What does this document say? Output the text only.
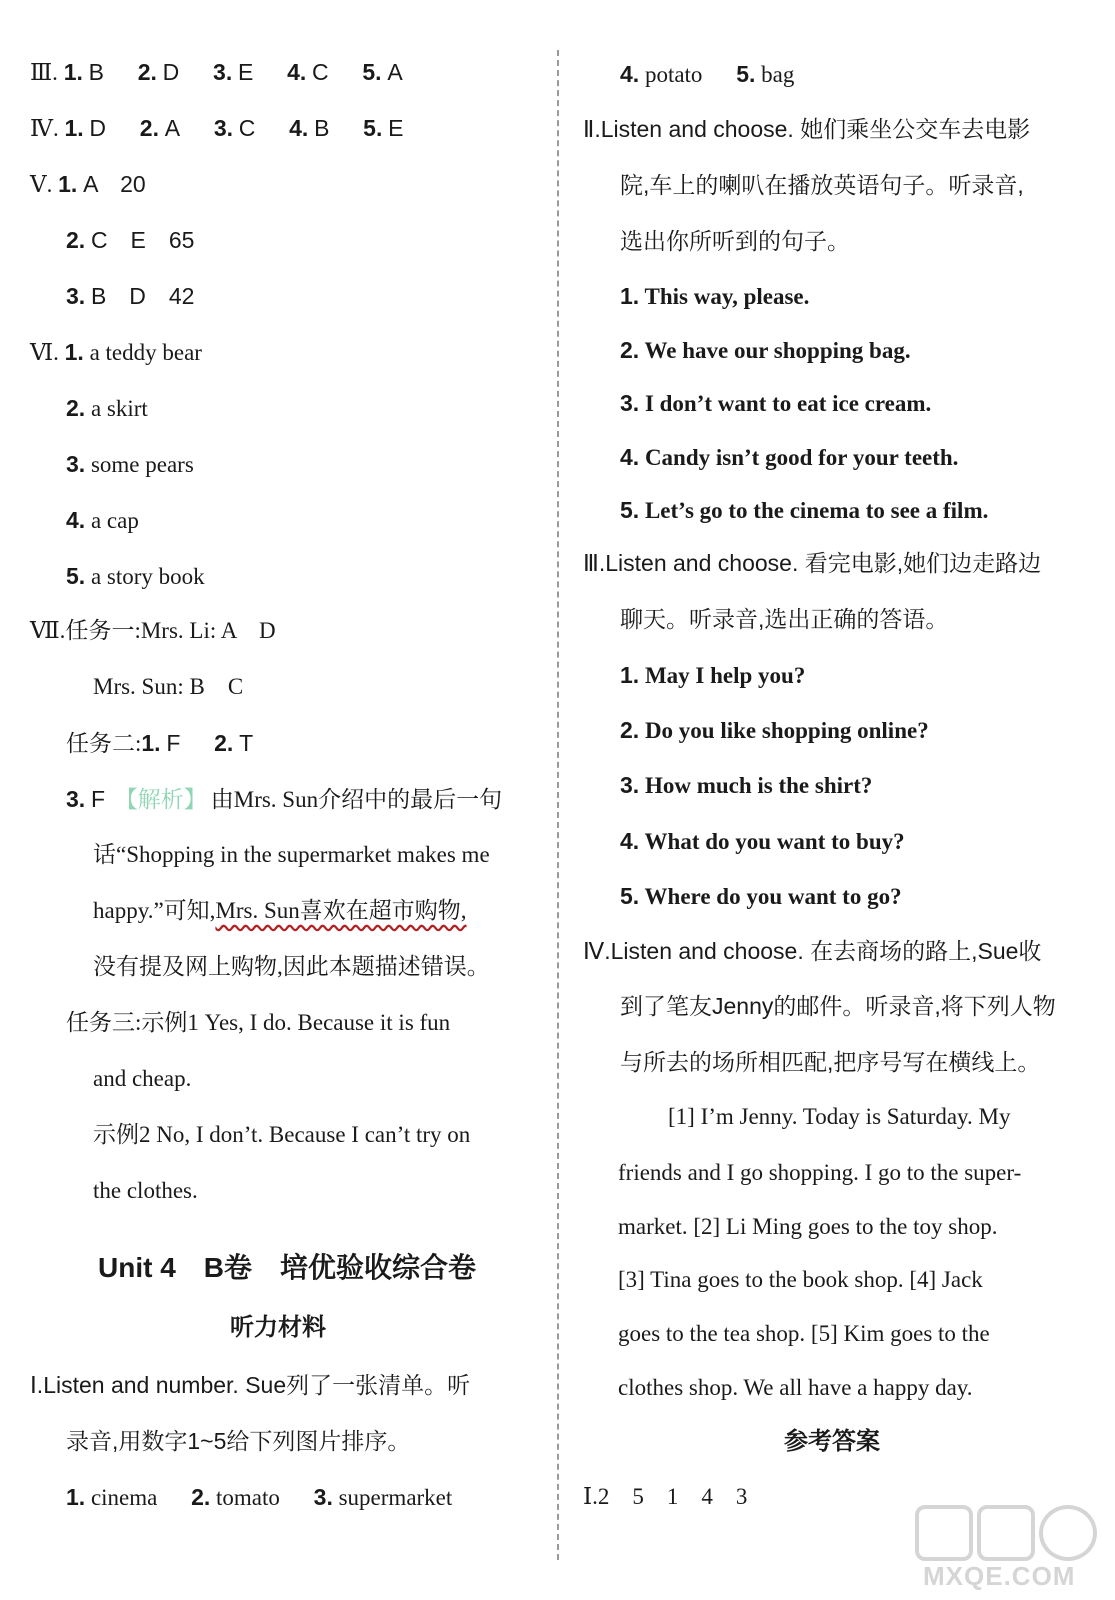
Ⅲ. 1. B 2. D 3. E 4. C 5. A
Ⅳ. 1. D 2. A 3. C 4. B 5. E
Ⅴ. 1. A　20
2. C　E　65
3. B　D　42
Ⅵ. 1. a teddy bear
2. a skirt
3. some pears
4. a cap
5. a story book
Ⅶ.任务一:Mrs. Li: A　D
Mrs. Sun: B　C
任务二:1. F 2. T
3. F 【解析】 由Mrs. Sun介绍中的最后一句
话“Shopping in the supermarket makes me
happy.”可知,Mrs. Sun喜欢在超市购物,
没有提及网上购物,因此本题描述错误。
任务三:示例1 Yes, I do. Because it is fun
and cheap.
示例2 No, I don’t. Because I can’t try on
the clothes.
Unit 4 B卷　培优验收综合卷
听力材料
Ⅰ.Listen and number. Sue列了一张清单。听
录音,用数字1~5给下列图片排序。
1. cinema 2. tomato 3. supermarket
4. potato 5. bag
Ⅱ.Listen and choose. 她们乘坐公交车去电影
院,车上的喇叭在播放英语句子。听录音,
选出你所听到的句子。
1. This way, please.
2. We have our shopping bag.
3. I don’t want to eat ice cream.
4. Candy isn’t good for your teeth.
5. Let’s go to the cinema to see a film.
Ⅲ.Listen and choose. 看完电影,她们边走路边
聊天。听录音,选出正确的答语。
1. May I help you?
2. Do you like shopping online?
3. How much is the shirt?
4. What do you want to buy?
5. Where do you want to go?
Ⅳ.Listen and choose. 在去商场的路上,Sue收
到了笔友Jenny的邮件。听录音,将下列人物
与所去的场所相匹配,把序号写在横线上。
[1] I’m Jenny. Today is Saturday. My
friends and I go shopping. I go to the super-
market. [2] Li Ming goes to the toy shop.
[3] Tina goes to the book shop. [4] Jack
goes to the tea shop. [5] Kim goes to the
clothes shop. We all have a happy day.
参考答案
Ⅰ.2　5　1　4　3
MXQE.COM
